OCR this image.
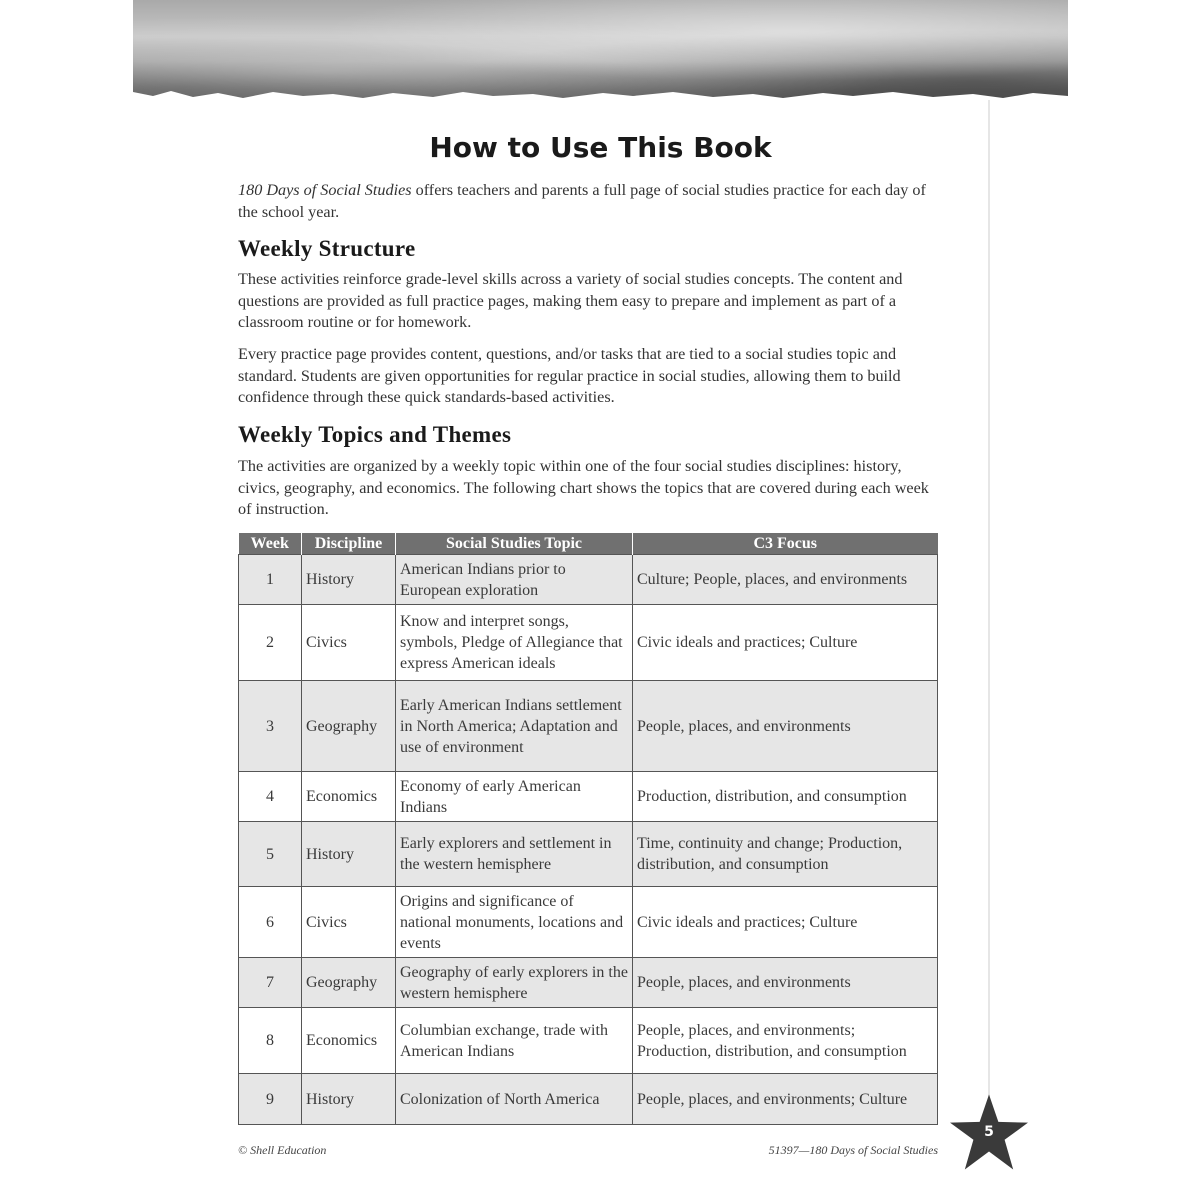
How to Use This Book

180 Days of Social Studies offers teachers and parents a full page of social studies practice for each day of the school year.

Weekly Structure

These activities reinforce grade-level skills across a variety of social studies concepts. The content and questions are provided as full practice pages, making them easy to prepare and implement as part of a classroom routine or for homework.

Every practice page provides content, questions, and/or tasks that are tied to a social studies topic and standard. Students are given opportunities for regular practice in social studies, allowing them to build confidence through these quick standards-based activities.

Weekly Topics and Themes

The activities are organized by a weekly topic within one of the four social studies disciplines: history, civics, geography, and economics. The following chart shows the topics that are covered during each week of instruction.

Week	Discipline	Social Studies Topic	C3 Focus
1	History	American Indians prior to European exploration	Culture; People, places, and environments
2	Civics	Know and interpret songs, symbols, Pledge of Allegiance that express American ideals	Civic ideals and practices; Culture
3	Geography	Early American Indians settlement in North America; Adaptation and use of environment	People, places, and environments
4	Economics	Economy of early American Indians	Production, distribution, and consumption
5	History	Early explorers and settlement in the western hemisphere	Time, continuity and change; Production, distribution, and consumption
6	Civics	Origins and significance of national monuments, locations and events	Civic ideals and practices; Culture
7	Geography	Geography of early explorers in the western hemisphere	People, places, and environments
8	Economics	Columbian exchange, trade with American Indians	People, places, and environments; Production, distribution, and consumption
9	History	Colonization of North America	People, places, and environments; Culture
© Shell Education	51397—180 Days of Social Studies
5
